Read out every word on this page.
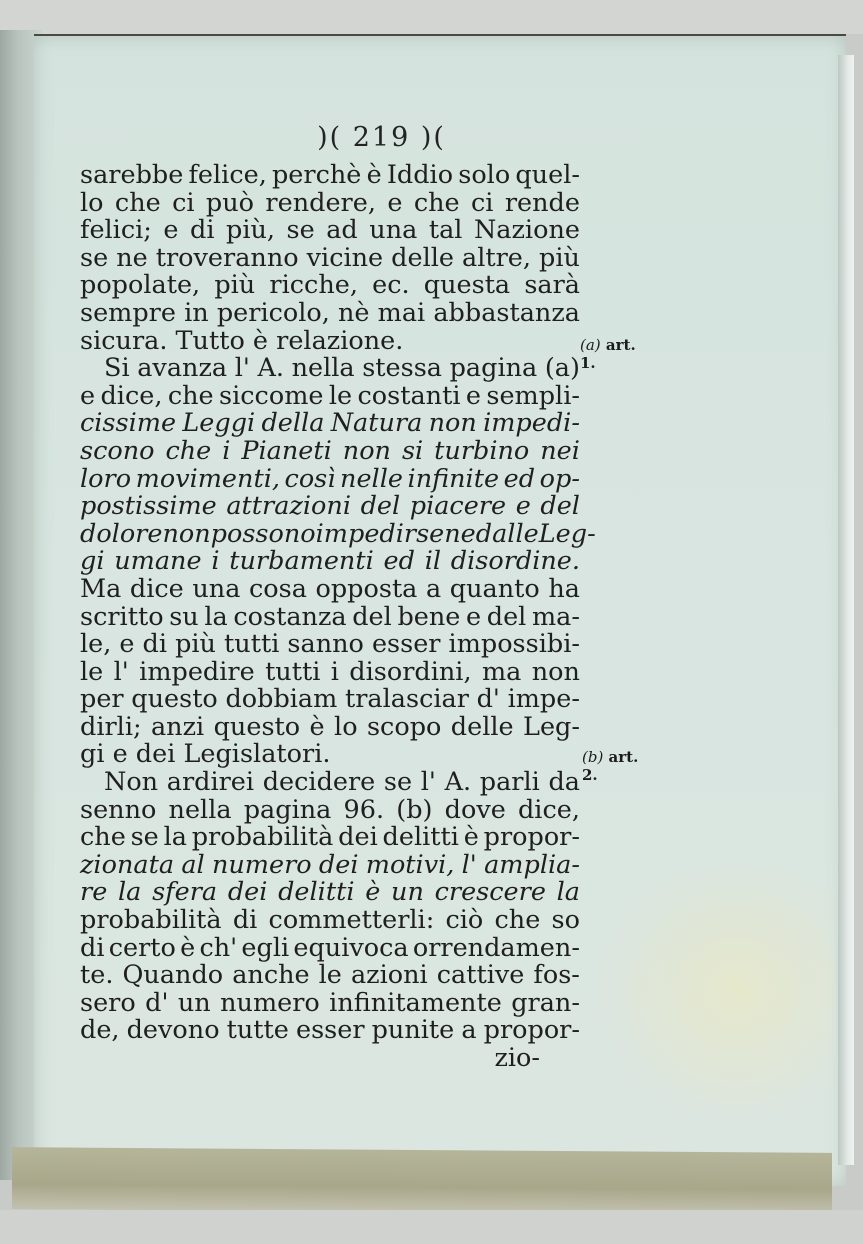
)( 219 )(
sarebbe felice, perchè è Iddio solo quel-
lo che ci può rendere, e che ci rende
felici; e di più, se ad una tal Nazione
se ne troveranno vicine delle altre, più
popolate, più ricche, ec. questa sarà
sempre in pericolo, nè mai abbastanza
sicura. Tutto è relazione.
Si avanza l' A. nella stessa pagina (a)
e dice, che siccome le costanti e sempli-
cissime Leggi della Natura non impedi-
scono che i Pianeti non si turbino nei
loro movimenti, così nelle infinite ed op-
postissime attrazioni del piacere e del
dolore non possono impedirsene dalle Leg-
gi umane i turbamenti ed il disordine.
Ma dice una cosa opposta a quanto ha
scritto su la costanza del bene e del ma-
le, e di più tutti sanno esser impossibi-
le l' impedire tutti i disordini, ma non
per questo dobbiam tralasciar d' impe-
dirli; anzi questo è lo scopo delle Leg-
gi e dei Legislatori.
Non ardirei decidere se l' A. parli da
senno nella pagina 96. (b) dove dice,
che se la probabilità dei delitti è propor-
zionata al numero dei motivi, l' amplia-
re la sfera dei delitti è un crescere la
probabilità di commetterli: ciò che so
di certo è ch' egli equivoca orrendamen-
te. Quando anche le azioni cattive fos-
sero d' un numero infinitamente gran-
de, devono tutte esser punite a propor-
zio-
(a) art.
1.
(b) art.
2.
